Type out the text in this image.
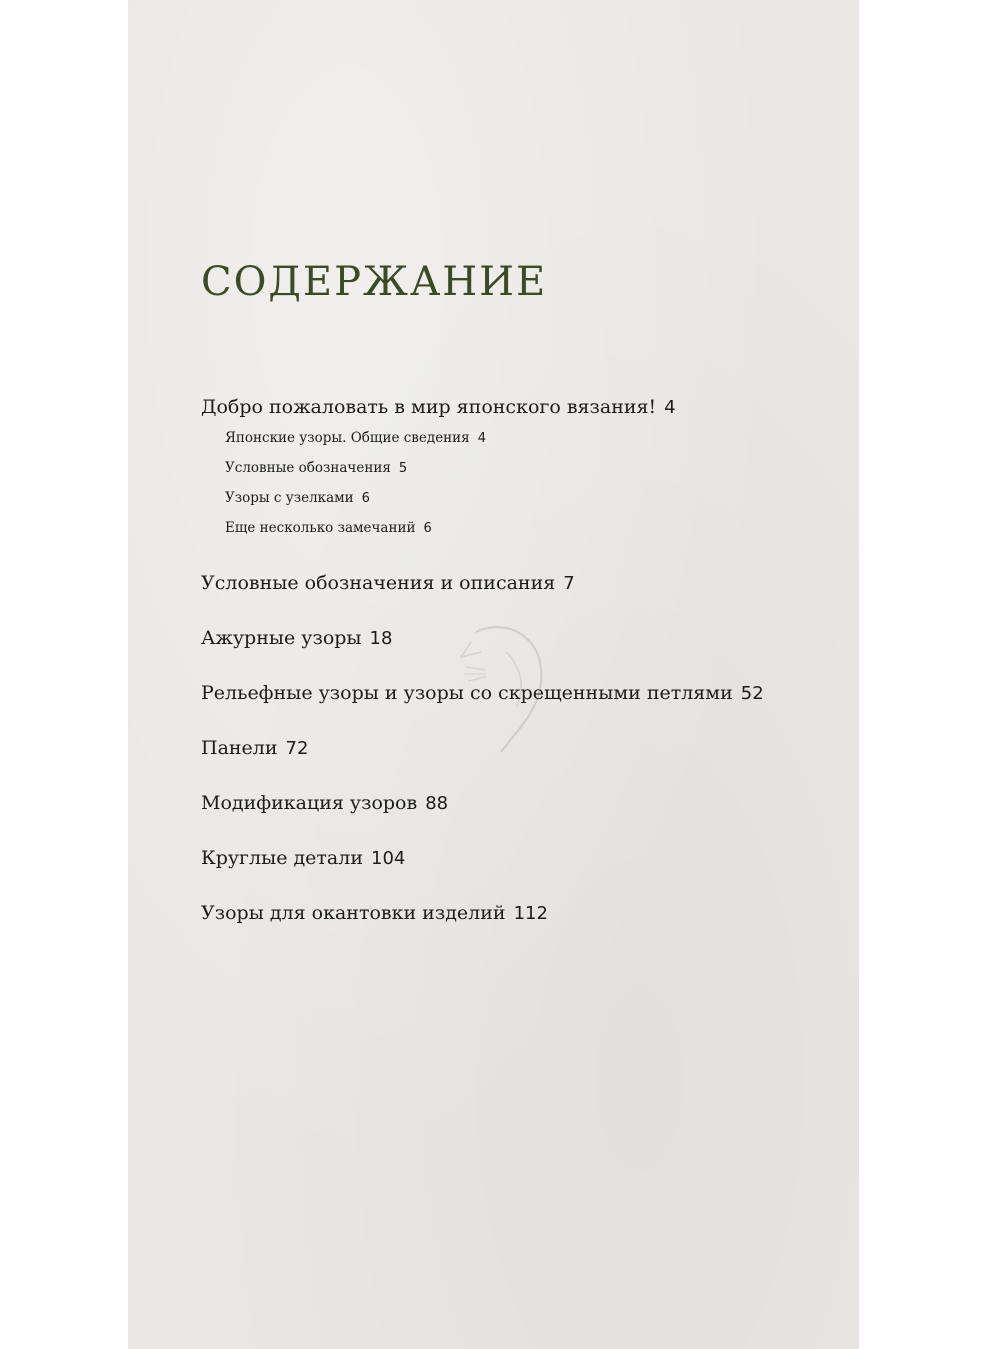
СОДЕРЖАНИЕ
Добро пожаловать в мир японского вязания! 4
Японские узоры. Общие сведения 4
Условные обозначения 5
Узоры с узелками 6
Еще несколько замечаний 6
Условные обозначения и описания 7
Ажурные узоры 18
Рельефные узоры и узоры со скрещенными петлями 52
Панели 72
Модификация узоров 88
Круглые детали 104
Узоры для окантовки изделий 112
